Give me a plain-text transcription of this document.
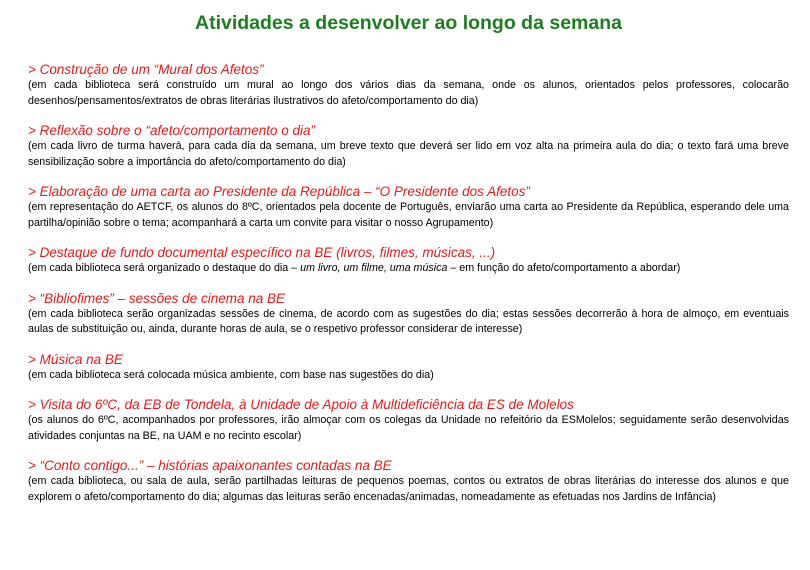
Atividades a desenvolver ao longo da semana

> Construção de um “Mural dos Afetos”

(em cada biblioteca será construído um mural ao longo dos vários dias da semana, onde os alunos, orientados pelos professores, colocarão desenhos/pensamentos/extratos de obras literárias ilustrativos do afeto/comportamento do dia)

> Reflexão sobre o “afeto/comportamento o dia”

(em cada livro de turma haverá, para cada dia da semana, um breve texto que deverá ser lido em voz alta na primeira aula do dia; o texto fará uma breve sensibilização sobre a importância do afeto/comportamento do dia)

> Elaboração de uma carta ao Presidente da República – “O Presidente dos Afetos”

(em representação do AETCF, os alunos do 8ºC, orientados pela docente de Português, enviarão uma carta ao Presidente da República, esperando dele uma partilha/opinião sobre o tema; acompanhará a carta um convite para visitar o nosso Agrupamento)

> Destaque de fundo documental específico na BE (livros, filmes, músicas, ...)

(em cada biblioteca será organizado o destaque do dia – um livro, um filme, uma música – em função do afeto/comportamento a abordar)

> “Bibliofimes” – sessões de cinema na BE

(em cada biblioteca serão organizadas sessões de cinema, de acordo com as sugestões do dia; estas sessões decorrerão à hora de almoço, em eventuais aulas de substituição ou, ainda, durante horas de aula, se o respetivo professor considerar de interesse)

> Música na BE

(em cada biblioteca será colocada música ambiente, com base nas sugestões do dia)

> Visita do 6ºC, da EB de Tondela, à Unidade de Apoio à Multideficiência da ES de Molelos

(os alunos do 6ºC, acompanhados por professores, irão almoçar com os colegas da Unidade no refeitório da ESMolelos; seguidamente serão desenvolvidas atividades conjuntas na BE, na UAM e no recinto escolar)

> “Conto contigo...” – histórias apaixonantes contadas na BE

(em cada biblioteca, ou sala de aula, serão partilhadas leituras de pequenos poemas, contos ou extratos de obras literárias do interesse dos alunos e que explorem o afeto/comportamento do dia; algumas das leituras serão encenadas/animadas, nomeadamente as efetuadas nos Jardins de Infância)
